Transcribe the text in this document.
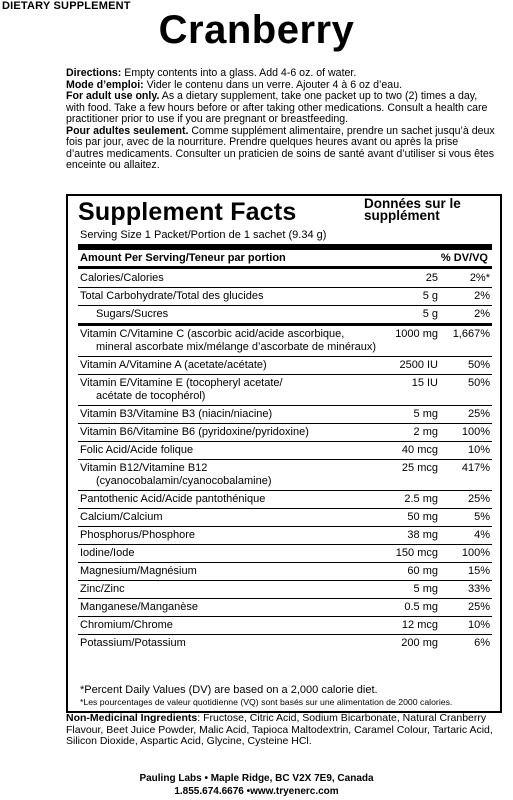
DIETARY SUPPLEMENT
Cranberry

Directions: Empty contents into a glass. Add 4-6 oz. of water.

Mode d’emploi: Vider le contenu dans un verre. Ajouter 4 à 6 oz d’eau.

For adult use only. As a dietary supplement, take one packet up to two (2) times a day, with food. Take a few hours before or after taking other medications. Consult a health care practitioner prior to use if you are pregnant or breastfeeding.

Pour adultes seulement. Comme supplément alimentaire, prendre un sachet jusqu’à deux fois par jour, avec de la nourriture. Prendre quelques heures avant ou après la prise d’autres medicaments. Consulter un praticien de soins de santé avant d’utiliser si vous êtes enceinte ou allaitez.

Supplement Facts	Données sur le supplément
Serving Size 1 Packet/Portion de 1 sachet (9.34 g)
Amount Per Serving/Teneur par portion	% DV/VQ
Calories/Calories	25	2%*
Total Carbohydrate/Total des glucides	5 g	2%
Sugars/Sucres	5 g	2%
Vitamin C/Vitamine C (ascorbic acid/acide ascorbique,
mineral ascorbate mix/mélange d’ascorbate de minéraux)
1000 mg 1,667%
Vitamin A/Vitamine A (acetate/acétate)	2500 IU	50%
Vitamin E/Vitamine E (tocopheryl acetate/
acétate de tocophérol)
15 IU	50%
Vitamin B3/Vitamine B3 (niacin/niacine)	5 mg	25%
Vitamin B6/Vitamine B6 (pyridoxine/pyridoxine)	2 mg 100%
Folic Acid/Acide folique	40 mcg	10%
Vitamin B12/Vitamine B12
(cyanocobalamin/cyanocobalamine)
25 mcg 417%
Pantothenic Acid/Acide pantothénique	2.5 mg	25%
Calcium/Calcium	50 mg	5%
Phosphorus/Phosphore	38 mg	4%
Iodine/Iode	150 mcg 100%
Magnesium/Magnésium	60 mg	15%
Zinc/Zinc	5 mg	33%
Manganese/Manganèse	0.5 mg	25%
Chromium/Chrome	12 mcg	10%
Potassium/Potassium	200 mg	6%
*Percent Daily Values (DV) are based on a 2,000 calorie diet.
*Les pourcentages de valeur quotidienne (VQ) sont basés sur une alimentation de 2000 calories.
Non-Medicinal Ingredients: Fructose, Citric Acid, Sodium Bicarbonate, Natural Cranberry Flavour, Beet Juice Powder, Malic Acid, Tapioca Maltodextrin, Caramel Colour, Tartaric Acid, Silicon Dioxide, Aspartic Acid, Glycine, Cysteine HCl.
Pauling Labs • Maple Ridge, BC V2X 7E9, Canada
1.855.674.6676 •www.tryenerc.com
